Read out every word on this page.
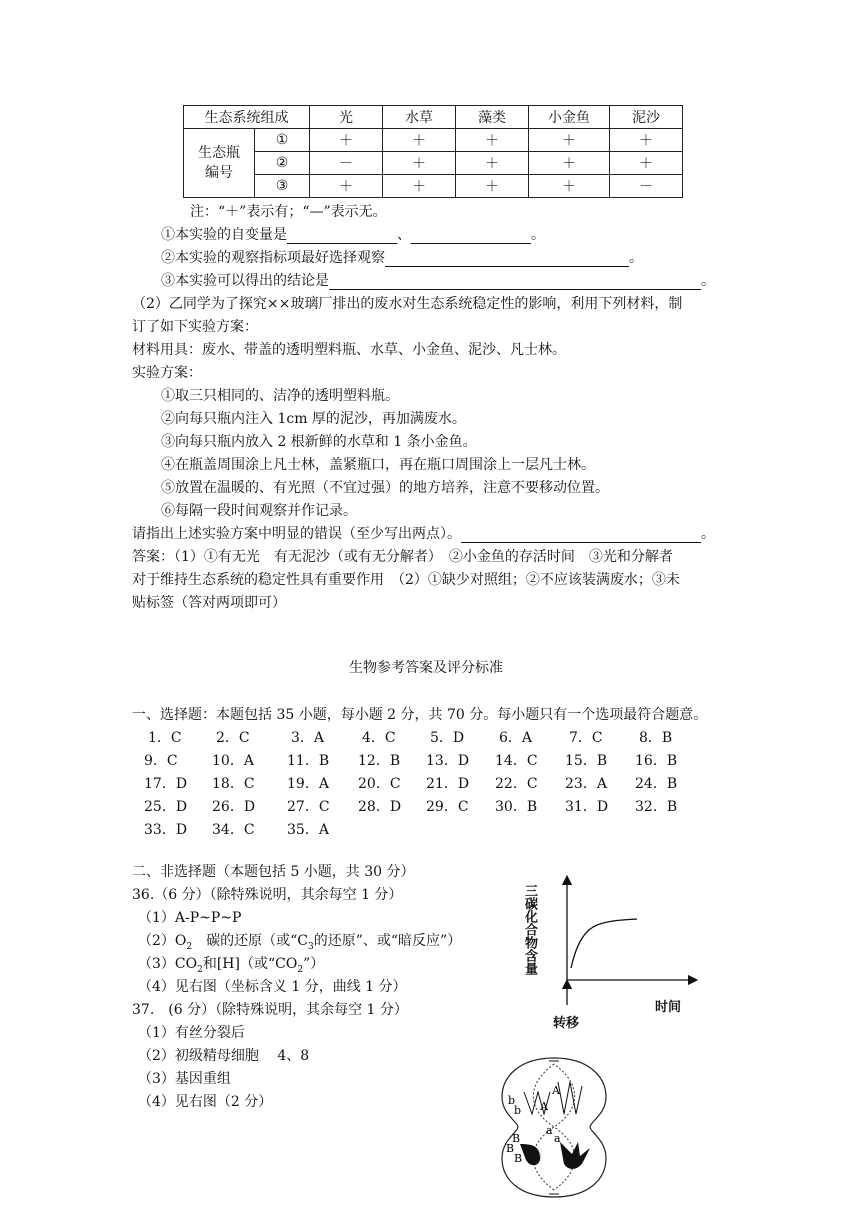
生态系统组成		光	水草	藻类	小金鱼	泥沙
生态瓶
编号	①	＋	＋	＋	＋	＋
	②	－	＋	＋	＋	＋
	③	＋	＋	＋	＋	－
注：“＋”表示有；“—”表示无。
①本实验的自变量是	、	。
②本实验的观察指标项最好选择观察	。
③本实验可以得出的结论是	。
（2）乙同学为了探究××玻璃厂排出的废水对生态系统稳定性的影响，利用下列材料，制
订了如下实验方案：
材料用具：废水、带盖的透明塑料瓶、水草、小金鱼、泥沙、凡士林。
实验方案：
①取三只相同的、洁净的透明塑料瓶。
②向每只瓶内注入 1cm 厚的泥沙，再加满废水。
③向每只瓶内放入 2 根新鲜的水草和 1 条小金鱼。
④在瓶盖周围涂上凡士林，盖紧瓶口，再在瓶口周围涂上一层凡士林。
⑤放置在温暖的、有光照（不宜过强）的地方培养，注意不要移动位置。
⑥每隔一段时间观察并作记录。
请指出上述实验方案中明显的错误（至少写出两点）。	。
答案：（1）①有无光　有无泥沙（或有无分解者）　②小金鱼的存活时间　③光和分解者
对于维持生态系统的稳定性具有重要作用　（2）①缺少对照组；②不应该装满废水；③未
贴标签（答对两项即可）
生物参考答案及评分标准
一、选择题：本题包括 35 小题，每小题 2 分，共 70 分。每小题只有一个选项最符合题意。
1．C 2．C	3．A	4．C 5．D 6．A	7．C	8．B
9．C 10．A 11．B 12．B 13．D 14．C 15．B 16．B
17．D 18．C 19．A 20．C 21．D 22．C 23．A 24．B
25．D 26．D 27．C 28．D 29．C 30．B 31．D 32．B
33．D 34．C 35．A
二、非选择题（本题包括 5 小题，共 30 分）
36.（6 分）（除特殊说明，其余每空 1 分）
（1）A-P~P~P
$(2)O_2$　碳的还原（或“$C_3$的还原”、或“暗反应”）
$(3)CO_2$和[H]（或“$CO_2$”）
（4）见右图（坐标含义 1 分，曲线 1 分）
37.　(6 分）（除特殊说明，其余每空 1 分）
（1）有丝分裂后
（2）初级精母细胞　 4、8
（3）基因重组
（4）见右图（2 分）
三碳化合物含量
时间
转移
b
b A
A
a
B
B
B
a
